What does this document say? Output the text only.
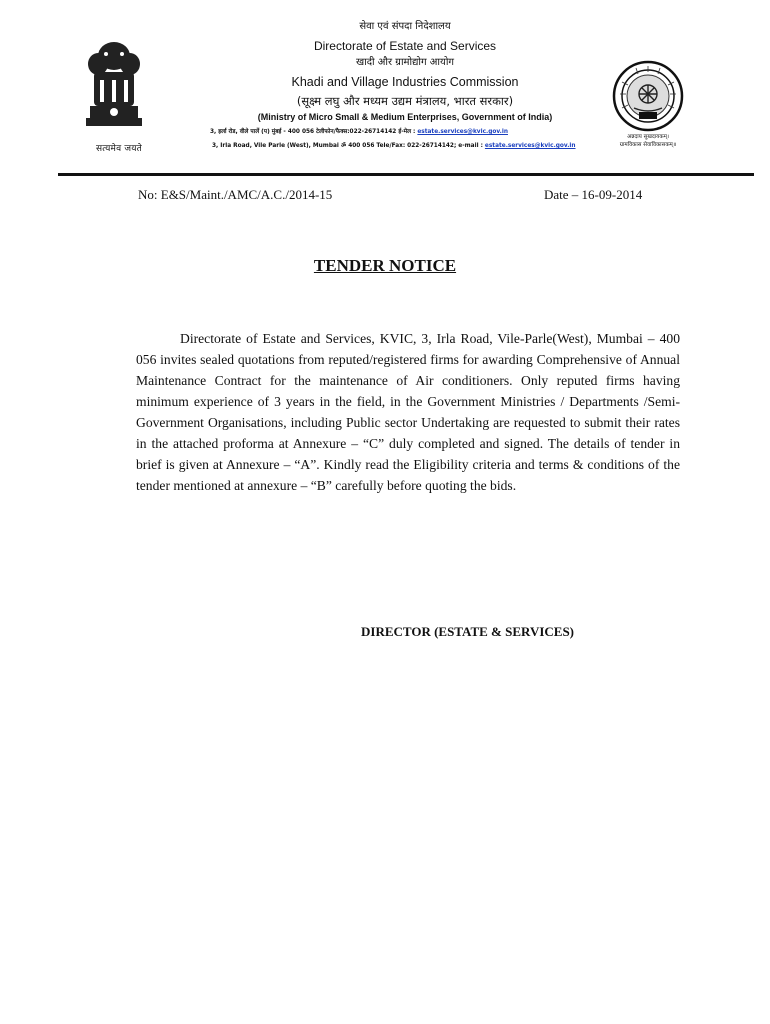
सत्यमेव जयते

सेवा एवं संपदा निदेशालय

Directorate of Estate and Services

खादी और ग्रामोद्योग आयोग

Khadi and Village Industries Commission

(सूक्ष्म लघु और मध्यम उद्यम मंत्रालय, भारत सरकार)

(Ministry of Micro Small & Medium Enterprises, Government of India)

3, इर्ला रोड, वीले पार्ले (प) मुंबई - 400 056 टेलीफोन/फैक्स:022-26714142 ई-मेल : estate.services@kvic.gov.in
3, Irla Road, Vile Parle (West), Mumbai ॐ 400 056 Tele/Fax: 022-26714142; e-mail : estate.services@kvic.gov.in
अन्नदाय सुखदायकम्।
ग्रामविकास सेवाविकासकम्॥
No: E&S/Maint./AMC/A.C./2014-15	Date – 16-09-2014
TENDER NOTICE

Directorate of Estate and Services, KVIC, 3, Irla Road, Vile-Parle(West), Mumbai – 400 056 invites sealed quotations from reputed/registered firms for awarding Comprehensive of Annual Maintenance Contract for the maintenance of Air conditioners. Only reputed firms having minimum experience of 3 years in the field, in the Government Ministries / Departments /Semi-Government Organisations, including Public sector Undertaking are requested to submit their rates in the attached proforma at Annexure – “C” duly completed and signed. The details of tender in brief is given at Annexure – “A”. Kindly read the Eligibility criteria and terms & conditions of the tender mentioned at annexure – “B” carefully before quoting the bids.

DIRECTOR (ESTATE & SERVICES)
